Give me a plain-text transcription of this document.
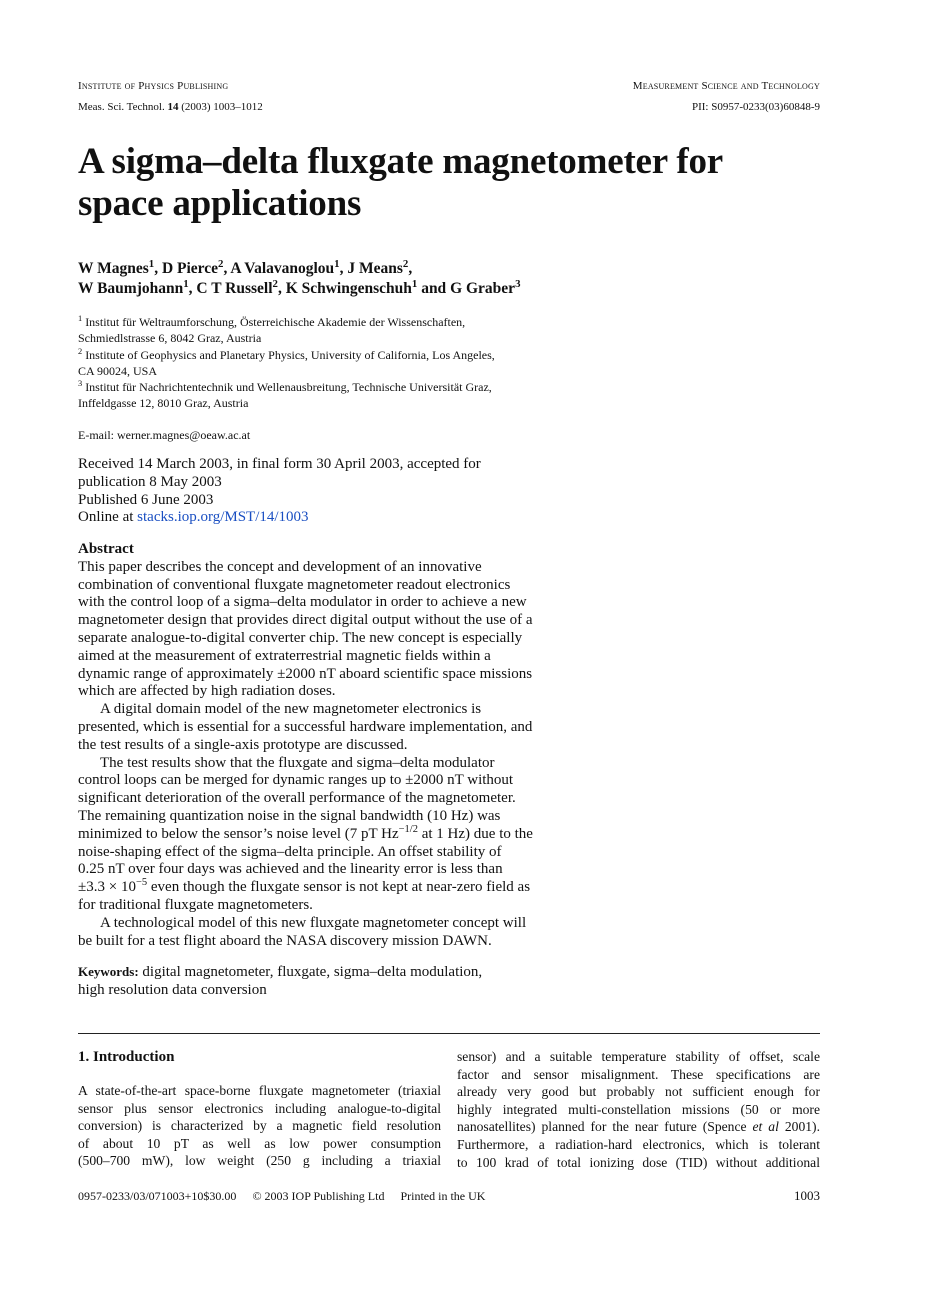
Institute of Physics Publishing	Measurement Science and Technology
Meas. Sci. Technol. 14 (2003) 1003–1012	PII: S0957-0233(03)60848-9
A sigma–delta fluxgate magnetometer for
space applications
W Magnes$^1$, D Pierce$^2$, A Valavanoglou$^1$, J Means$^2$,
W Baumjohann$^1$, C T Russell$^2$, K Schwingenschuh$^1$ and G Graber$^3$
$^1$ Institut für Weltraumforschung, Österreichische Akademie der Wissenschaften,
Schmiedlstrasse 6, 8042 Graz, Austria
$^2$ Institute of Geophysics and Planetary Physics, University of California, Los Angeles,
CA 90024, USA
$^3$ Institut für Nachrichtentechnik und Wellenausbreitung, Technische Universität Graz,
Inffeldgasse 12, 8010 Graz, Austria
E-mail: werner.magnes@oeaw.ac.at
Received 14 March 2003, in final form 30 April 2003, accepted for
publication 8 May 2003
Published 6 June 2003
Online at stacks.iop.org/MST/14/1003
Abstract
This paper describes the concept and development of an innovative
combination of conventional fluxgate magnetometer readout electronics
with the control loop of a sigma–delta modulator in order to achieve a new
magnetometer design that provides direct digital output without the use of a
separate analogue-to-digital converter chip. The new concept is especially
aimed at the measurement of extraterrestrial magnetic fields within a
dynamic range of approximately ±2000 nT aboard scientific space missions
which are affected by high radiation doses.
A digital domain model of the new magnetometer electronics is
presented, which is essential for a successful hardware implementation, and
the test results of a single-axis prototype are discussed.
The test results show that the fluxgate and sigma–delta modulator
control loops can be merged for dynamic ranges up to ±2000 nT without
significant deterioration of the overall performance of the magnetometer.
The remaining quantization noise in the signal bandwidth (10 Hz) was
minimized to below the sensor’s noise level (7 pT $Hz^{-1/2}$ at 1 Hz) due to the
noise-shaping effect of the sigma–delta principle. An offset stability of
0.25 nT over four days was achieved and the linearity error is less than
$\pm 3.3 \times 10^{-5}$ even though the fluxgate sensor is not kept at near-zero field as
for traditional fluxgate magnetometers.
A technological model of this new fluxgate magnetometer concept will
be built for a test flight aboard the NASA discovery mission DAWN.
Keywords: digital magnetometer, fluxgate, sigma–delta modulation,
high resolution data conversion
1. Introduction
A state-of-the-art space-borne fluxgate magnetometer (triaxial
sensor plus sensor electronics including analogue-to-digital
conversion) is characterized by a magnetic field resolution
of about 10 pT as well as low power consumption
(500–700 mW), low weight (250 g including a triaxial
sensor) and a suitable temperature stability of offset, scale
factor and sensor misalignment. These specifications are
already very good but probably not sufficient enough for
highly integrated multi-constellation missions (50 or more
nanosatellites) planned for the near future (Spence et al 2001).
Furthermore, a radiation-hard electronics, which is tolerant
to 100 krad of total ionizing dose (TID) without additional
0957-0233/03/071003+10$30.00 © 2003 IOP Publishing Ltd Printed in the UK	1003
